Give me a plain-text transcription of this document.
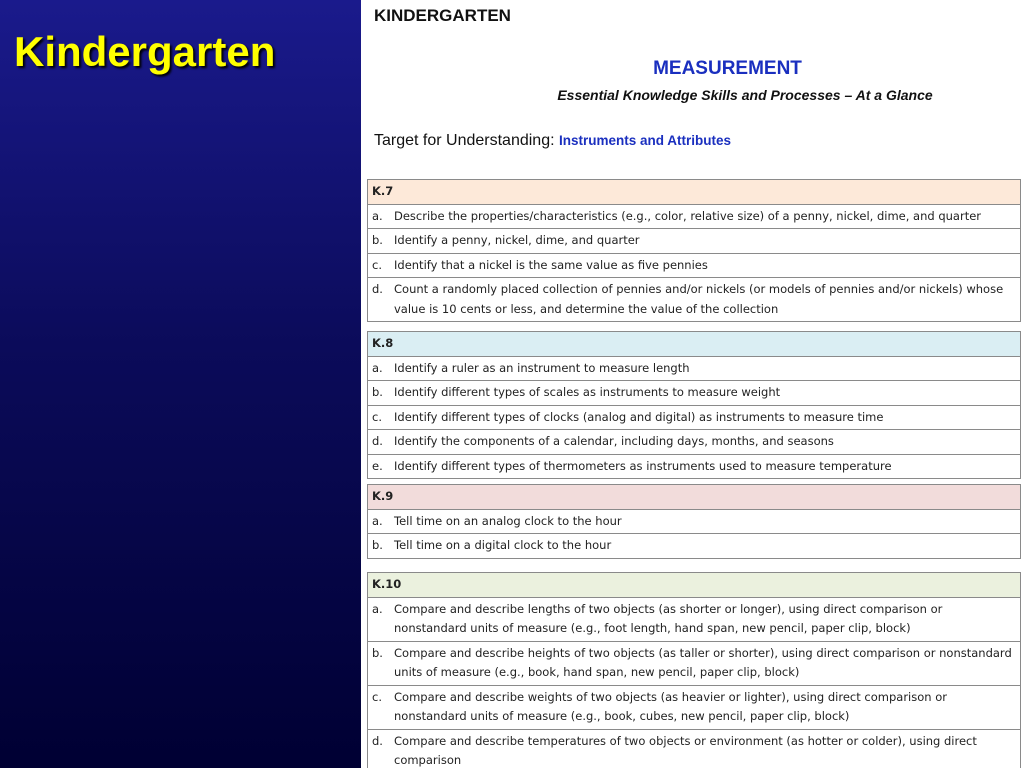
Kindergarten
KINDERGARTEN
MEASUREMENT
Essential Knowledge Skills and Processes – At a Glance
Target for Understanding: Instruments and Attributes
K.7
a. Describe the properties/characteristics (e.g., color, relative size) of a penny, nickel, dime, and quarter
b. Identify a penny, nickel, dime, and quarter
c. Identify that a nickel is the same value as five pennies
d. Count a randomly placed collection of pennies and/or nickels (or models of pennies and/or nickels) whose value is 10 cents or less, and determine the value of the collection
K.8
a. Identify a ruler as an instrument to measure length
b. Identify different types of scales as instruments to measure weight
c. Identify different types of clocks (analog and digital) as instruments to measure time
d. Identify the components of a calendar, including days, months, and seasons
e. Identify different types of thermometers as instruments used to measure temperature
K.9
a. Tell time on an analog clock to the hour
b. Tell time on a digital clock to the hour
K.10
a. Compare and describe lengths of two objects (as shorter or longer), using direct comparison or nonstandard units of measure (e.g., foot length, hand span, new pencil, paper clip, block)
b. Compare and describe heights of two objects (as taller or shorter), using direct comparison or nonstandard units of measure (e.g., book, hand span, new pencil, paper clip, block)
c. Compare and describe weights of two objects (as heavier or lighter), using direct comparison or nonstandard units of measure (e.g., book, cubes, new pencil, paper clip, block)
d. Compare and describe temperatures of two objects or environment (as hotter or colder), using direct comparison
